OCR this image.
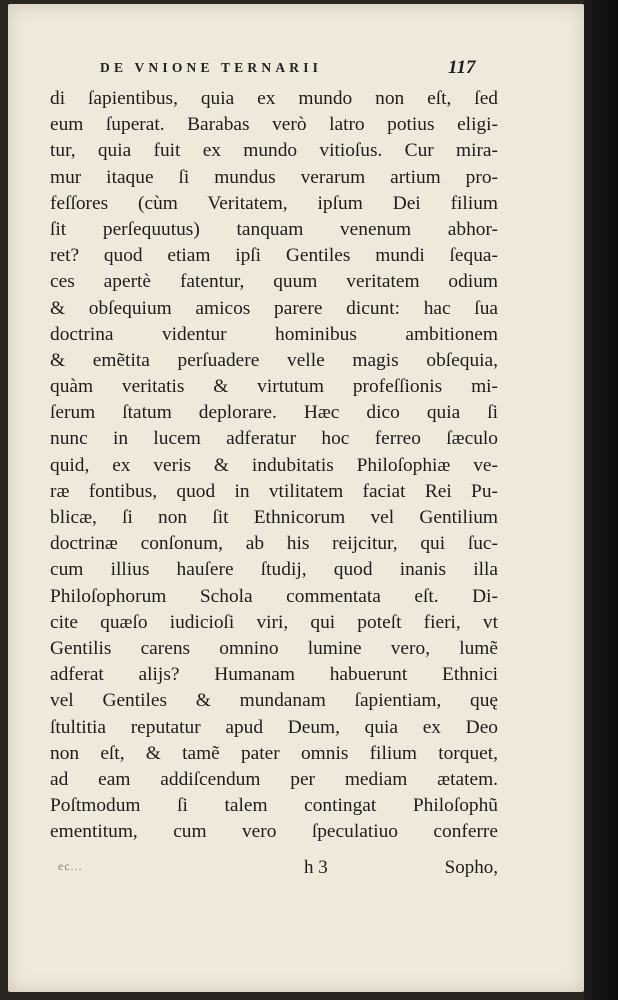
DE VNIONE TERNARII	117
di ſapientibus, quia ex mundo non eſt, ſed
eum ſuperat. Barabas verò latro potius eligi-
tur, quia fuit ex mundo vitioſus. Cur mira-
mur itaque ſi mundus verarum artium pro-
feſſores (cùm Veritatem, ipſum Dei filium
ſit perſequutus) tanquam venenum abhor-
ret? quod etiam ipſi Gentiles mundi ſequa-
ces apertè fatentur, quum veritatem odium
& obſequium amicos parere dicunt: hac ſua
doctrina videntur hominibus ambitionem
& emẽtita perſuadere velle magis obſequia,
quàm veritatis & virtutum profeſſionis mi-
ſerum ſtatum deplorare. Hæc dico quia ſi
nunc in lucem adferatur hoc ferreo ſæculo
quid, ex veris & indubitatis Philoſophiæ ve-
ræ fontibus, quod in vtilitatem faciat Rei Pu-
blicæ, ſi non ſit Ethnicorum vel Gentilium
doctrinæ conſonum, ab his reijcitur, qui ſuc-
cum illius hauſere ſtudij, quod inanis illa
Philoſophorum Schola commentata eſt. Di-
cite quæſo iudicioſi viri, qui poteſt fieri, vt
Gentilis carens omnino lumine vero, lumẽ
adferat alijs? Humanam habuerunt Ethnici
vel Gentiles & mundanam ſapientiam, quę
ſtultitia reputatur apud Deum, quia ex Deo
non eſt, & tamẽ pater omnis filium torquet,
ad eam addiſcendum per mediam ætatem.
Poſtmodum ſi talem contingat Philoſophũ
ementitum, cum vero ſpeculatiuo conferre
ec...	h 3	Sopho,
